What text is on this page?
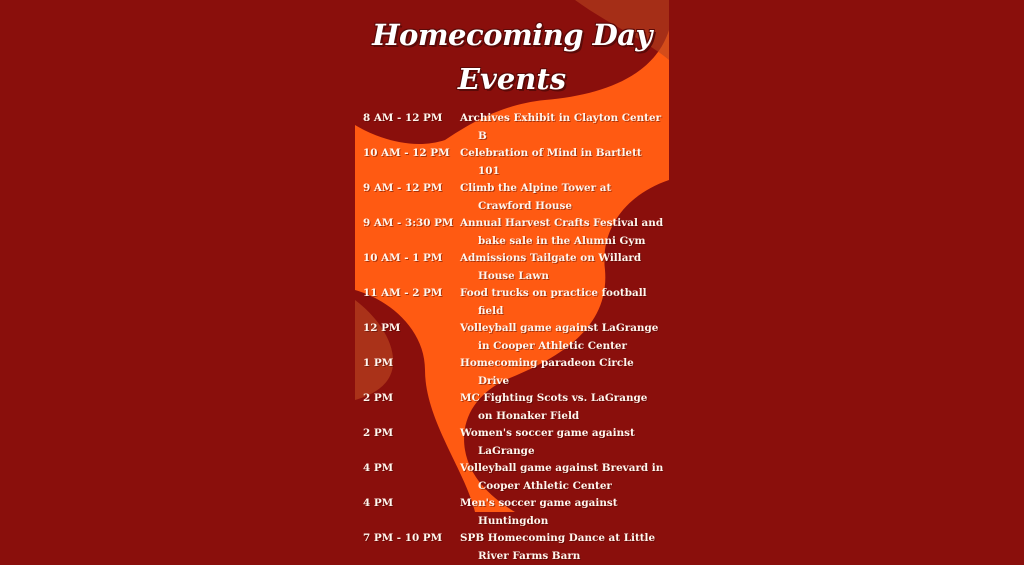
Homecoming Day
Events
8 AM - 12 PM	Archives Exhibit in Clayton Center B
10 AM - 12 PM	Celebration of Mind in Bartlett 101
9 AM - 12 PM	Climb the Alpine Tower at Crawford House
9 AM - 3:30 PM Annual Harvest Crafts Festival and bake sale in the Alumni Gym
10 AM - 1 PM	Admissions Tailgate on Willard House Lawn
11 AM - 2 PM	Food trucks on practice football field
12 PM	Volleyball game against LaGrange in Cooper Athletic Center
1 PM	Homecoming paradeon Circle Drive
2 PM	MC Fighting Scots vs. LaGrange on Honaker Field
2 PM	Women's soccer game against LaGrange
4 PM	Volleyball game against Brevard in Cooper Athletic Center
4 PM	Men's soccer game against Huntingdon
7 PM - 10 PM	SPB Homecoming Dance at Little River Farms Barn
